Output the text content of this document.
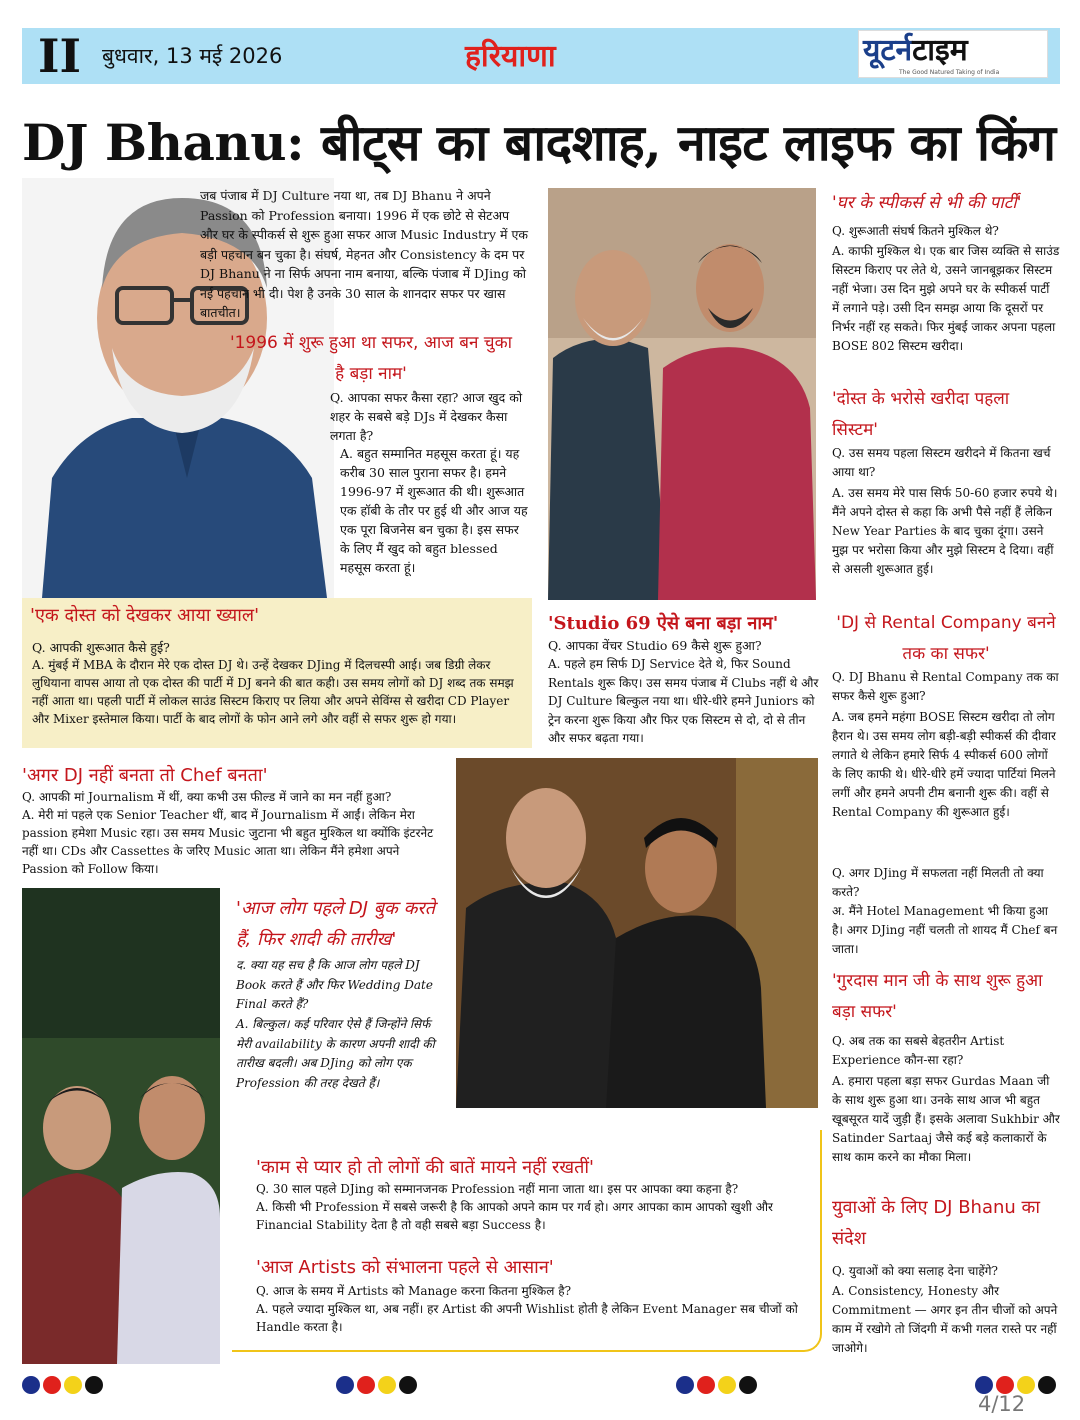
II बुधवार, 13 मई 2026	हरियाणा	यूटर्नटाइम
The Good Natured Taking of India
DJ Bhanu: बीट्स का बादशाह, नाइट लाइफ का किंग
जब पंजाब में DJ Culture नया था, तब DJ Bhanu ने अपने Passion को Profession बनाया। 1996 में एक छोटे से सेटअप और घर के स्पीकर्स से शुरू हुआ सफर आज Music Industry में एक बड़ी पहचान बन चुका है। संघर्ष, मेहनत और Consistency के दम पर DJ Bhanu ने ना सिर्फ अपना नाम बनाया, बल्कि पंजाब में DJing को नई पहचान भी दी। पेश है उनके 30 साल के शानदार सफर पर खास बातचीत।
'1996 में शुरू हुआ था सफर, आज बन चुका है बड़ा नाम'
Q. आपका सफर कैसा रहा? आज खुद को शहर के सबसे बड़े DJs में देखकर कैसा लगता है?
A. बहुत सम्मानित महसूस करता हूं। यह करीब 30 साल पुराना सफर है। हमने 1996-97 में शुरूआत की थी। शुरूआत एक हॉबी के तौर पर हुई थी और आज यह एक पूरा बिजनेस बन चुका है। इस सफर के लिए मैं खुद को बहुत blessed महसूस करता हूं।
'एक दोस्त को देखकर आया ख्याल'
Q. आपकी शुरूआत कैसे हुई?
A. मुंबई में MBA के दौरान मेरे एक दोस्त DJ थे। उन्हें देखकर DJing में दिलचस्पी आई। जब डिग्री लेकर लुधियाना वापस आया तो एक दोस्त की पार्टी में DJ बनने की बात कही। उस समय लोगों को DJ शब्द तक समझ नहीं आता था। पहली पार्टी में लोकल साउंड सिस्टम किराए पर लिया और अपने सेविंग्स से खरीदा CD Player और Mixer इस्तेमाल किया। पार्टी के बाद लोगों के फोन आने लगे और वहीं से सफर शुरू हो गया।
'Studio 69 ऐसे बना बड़ा नाम'
Q. आपका वेंचर Studio 69 कैसे शुरू हुआ?
A. पहले हम सिर्फ DJ Service देते थे, फिर Sound Rentals शुरू किए। उस समय पंजाब में Clubs नहीं थे और DJ Culture बिल्कुल नया था। धीरे-धीरे हमने Juniors को ट्रेन करना शुरू किया और फिर एक सिस्टम से दो, दो से तीन और सफर बढ़ता गया।
'अगर DJ नहीं बनता तो Chef बनता'
Q. आपकी मां Journalism में थीं, क्या कभी उस फील्ड में जाने का मन नहीं हुआ?
A. मेरी मां पहले एक Senior Teacher थीं, बाद में Journalism में आईं। लेकिन मेरा passion हमेशा Music रहा। उस समय Music जुटाना भी बहुत मुश्किल था क्योंकि इंटरनेट नहीं था। CDs और Cassettes के जरिए Music आता था। लेकिन मैंने हमेशा अपने Passion को Follow किया।
'आज लोग पहले DJ बुक करते हैं, फिर शादी की तारीख'
द. क्या यह सच है कि आज लोग पहले DJ Book करते हैं और फिर Wedding Date Final करते हैं?
A. बिल्कुल। कई परिवार ऐसे हैं जिन्होंने सिर्फ मेरी availability के कारण अपनी शादी की तारीख बदली। अब DJing को लोग एक Profession की तरह देखते हैं।
'काम से प्यार हो तो लोगों की बातें मायने नहीं रखतीं'
Q. 30 साल पहले DJing को सम्मानजनक Profession नहीं माना जाता था। इस पर आपका क्या कहना है?
A. किसी भी Profession में सबसे जरूरी है कि आपको अपने काम पर गर्व हो। अगर आपका काम आपको खुशी और Financial Stability देता है तो वही सबसे बड़ा Success है।
'आज Artists को संभालना पहले से आसान'
Q. आज के समय में Artists को Manage करना कितना मुश्किल है?
A. पहले ज्यादा मुश्किल था, अब नहीं। हर Artist की अपनी Wishlist होती है लेकिन Event Manager सब चीजों को Handle करता है।
'घर के स्पीकर्स से भी की पार्टी'
Q. शुरूआती संघर्ष कितने मुश्किल थे?
A. काफी मुश्किल थे। एक बार जिस व्यक्ति से साउंड सिस्टम किराए पर लेते थे, उसने जानबूझकर सिस्टम नहीं भेजा। उस दिन मुझे अपने घर के स्पीकर्स पार्टी में लगाने पड़े। उसी दिन समझ आया कि दूसरों पर निर्भर नहीं रह सकते। फिर मुंबई जाकर अपना पहला BOSE 802 सिस्टम खरीदा।
'दोस्त के भरोसे खरीदा पहला सिस्टम'
Q. उस समय पहला सिस्टम खरीदने में कितना खर्च आया था?
A. उस समय मेरे पास सिर्फ 50-60 हजार रुपये थे। मैंने अपने दोस्त से कहा कि अभी पैसे नहीं हैं लेकिन New Year Parties के बाद चुका दूंगा। उसने मुझ पर भरोसा किया और मुझे सिस्टम दे दिया। वहीं से असली शुरूआत हुई।
'DJ से Rental Company बनने तक का सफर'
Q. DJ Bhanu से Rental Company तक का सफर कैसे शुरू हुआ?
A. जब हमने महंगा BOSE सिस्टम खरीदा तो लोग हैरान थे। उस समय लोग बड़ी-बड़ी स्पीकर्स की दीवार लगाते थे लेकिन हमारे सिर्फ 4 स्पीकर्स 600 लोगों के लिए काफी थे। धीरे-धीरे हमें ज्यादा पार्टियां मिलने लगीं और हमने अपनी टीम बनानी शुरू की। वहीं से Rental Company की शुरूआत हुई।
Q. अगर DJing में सफलता नहीं मिलती तो क्या करते?
अ. मैंने Hotel Management भी किया हुआ है। अगर DJing नहीं चलती तो शायद मैं Chef बन जाता।
'गुरदास मान जी के साथ शुरू हुआ बड़ा सफर'
Q. अब तक का सबसे बेहतरीन Artist Experience कौन-सा रहा?
A. हमारा पहला बड़ा सफर Gurdas Maan जी के साथ शुरू हुआ था। उनके साथ आज भी बहुत खूबसूरत यादें जुड़ी हैं। इसके अलावा Sukhbir और Satinder Sartaaj जैसे कई बड़े कलाकारों के साथ काम करने का मौका मिला।
युवाओं के लिए DJ Bhanu का संदेश
Q. युवाओं को क्या सलाह देना चाहेंगे?
A. Consistency, Honesty और Commitment — अगर इन तीन चीजों को अपने काम में रखोगे तो जिंदगी में कभी गलत रास्ते पर नहीं जाओगे।
4/12
